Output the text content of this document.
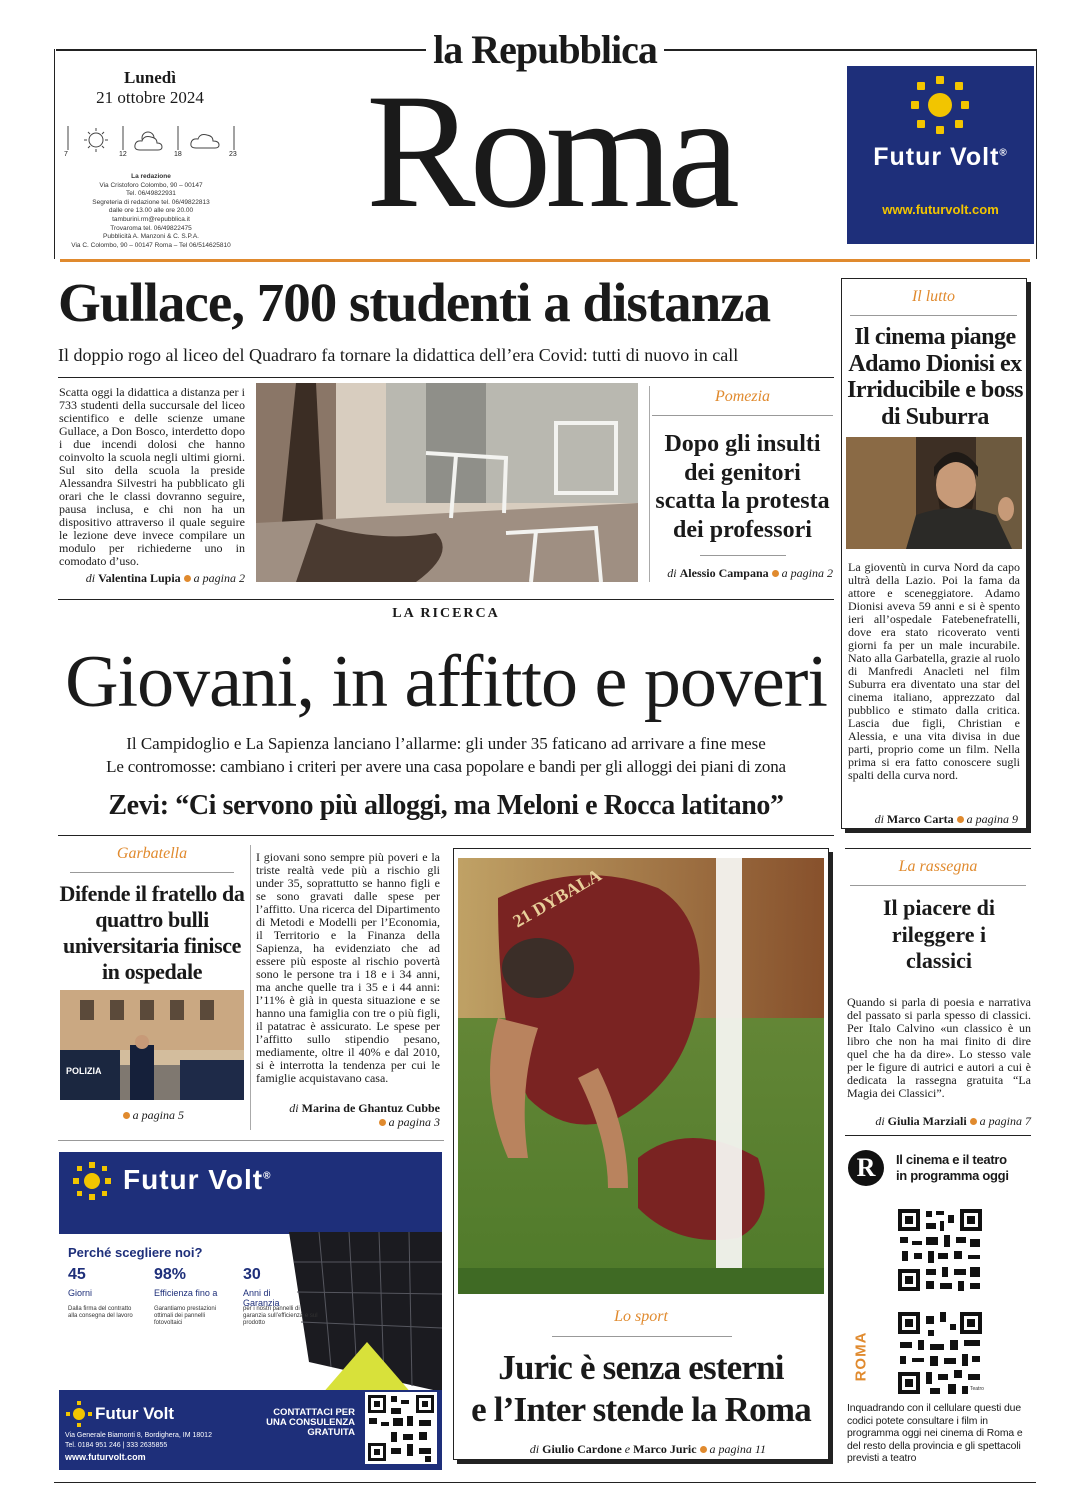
la Repubblica
Lunedì
21 ottobre 2024
7	12	18	23
La redazione
Via Cristoforo Colombo, 90 – 00147
Tel. 06/49822931
Segreteria di redazione tel. 06/49822813
dalle ore 13.00 alle ore 20.00
tamburini.rm@repubblica.it
Trovaroma tel. 06/49822475
Pubblicità A. Manzoni & C. S.P.A.
Via C. Colombo, 90 – 00147 Roma – Tel 06/514625810
Roma	Futur Volt®
www.futurvolt.com
Gullace, 700 studenti a distanza
Il doppio rogo al liceo del Quadraro fa tornare la didattica dell’era Covid: tutti di nuovo in call
Scatta oggi la didattica a distanza per i 733 studenti della succursale del liceo scientifico e delle scienze umane Gullace, a Don Bosco, interdetto dopo i due incendi dolosi che hanno coinvolto la scuola negli ultimi giorni. Sul sito della scuola la preside Alessandra Silvestri ha pubblicato gli orari che le classi dovranno seguire, pausa inclusa, e chi non ha un dispositivo attraverso il quale seguire le lezione deve invece compilare un modulo per richiederne uno in comodato d’uso.
di Valentina Lupia a pagina 2
Pomezia
Dopo gli insulti dei genitori scatta la protesta dei professori
di Alessio Campana a pagina 2
Il lutto
Il cinema piange Adamo Dionisi ex Irriducibile e boss di Suburra
La gioventù in curva Nord da capo ultrà della Lazio. Poi la fama da attore e sceneggiatore. Adamo Dionisi aveva 59 anni e si è spento ieri all’ospedale Fatebenefratelli, dove era stato ricoverato venti giorni fa per un male incurabile. Nato alla Garbatella, grazie al ruolo di Manfredi Anacleti nel film Suburra era diventato una star del cinema italiano, apprezzato dal pubblico e stimato dalla critica. Lascia due figli, Christian e Alessia, e una vita divisa in due parti, proprio come un film. Nella prima si era fatto conoscere sugli spalti della curva nord.
di Marco Carta a pagina 9
LA RICERCA
Giovani, in affitto e poveri
Il Campidoglio e La Sapienza lanciano l’allarme: gli under 35 faticano ad arrivare a fine mese
Le contromosse: cambiano i criteri per avere una casa popolare e bandi per gli alloggi dei piani di zona
Zevi: “Ci servono più alloggi, ma Meloni e Rocca latitano”
Garbatella
Difende il fratello da quattro bulli universitaria finisce in ospedale
POLIZIA
a pagina 5
I giovani sono sempre più poveri e la triste realtà vede più a rischio gli under 35, soprattutto se hanno figli e se sono gravati dalle spese per l’affitto. Una ricerca del Dipartimento di Metodi e Modelli per l’Economia, il Territorio e la Finanza della Sapienza, ha evidenziato che ad essere più esposte al rischio povertà sono le persone tra i 18 e i 34 anni, ma anche quelle tra i 35 e i 44 anni: l’11% è già in questa situazione e se hanno una famiglia con tre o più figli, il patatrac è assicurato. Le spese per l’affitto sullo stipendio pesano, mediamente, oltre il 40% e dal 2010, si è interrotta la tendenza per cui le famiglie acquistavano casa.
di Marina de Ghantuz Cubbe
a pagina 3
21 DYBALA
Lo sport
Juric è senza esterni
e l’Inter stende la Roma
di Giulio Cardone e Marco Juric a pagina 11
La rassegna
Il piacere di rileggere i classici
Quando si parla di poesia e narrativa del passato si parla spesso di classici. Per Italo Calvino «un classico è un libro che non ha mai finito di dire quel che ha da dire». Lo stesso vale per le figure di autrici e autori a cui è dedicata la rassegna gratuita “La Magia dei Classici”.
di Giulia Marziali a pagina 7
R	Il cinema e il teatro
in programma oggi
Teatro
ROMA
Inquadrando con il cellulare questi due codici potete consultare i film in programma oggi nei cinema di Roma e del resto della provincia e gli spettacoli previsti a teatro
Futur Volt®
Perché scegliere noi?
45
Giorni
Dalla firma del contratto alla consegna del lavoro
98%
Efficienza fino a
Garantiamo prestazioni ottimali dei pannelli fotovoltaici
30
Anni di Garanzia
per i nostri pannelli di garanzia sull’efficienza e sul prodotto
Futur Volt
Via Generale Biamonti 8, Bordighera, IM 18012
Tel. 0184 951 246 | 333 2635855
www.futurvolt.com
CONTATTACI PER UNA CONSULENZA GRATUITA
